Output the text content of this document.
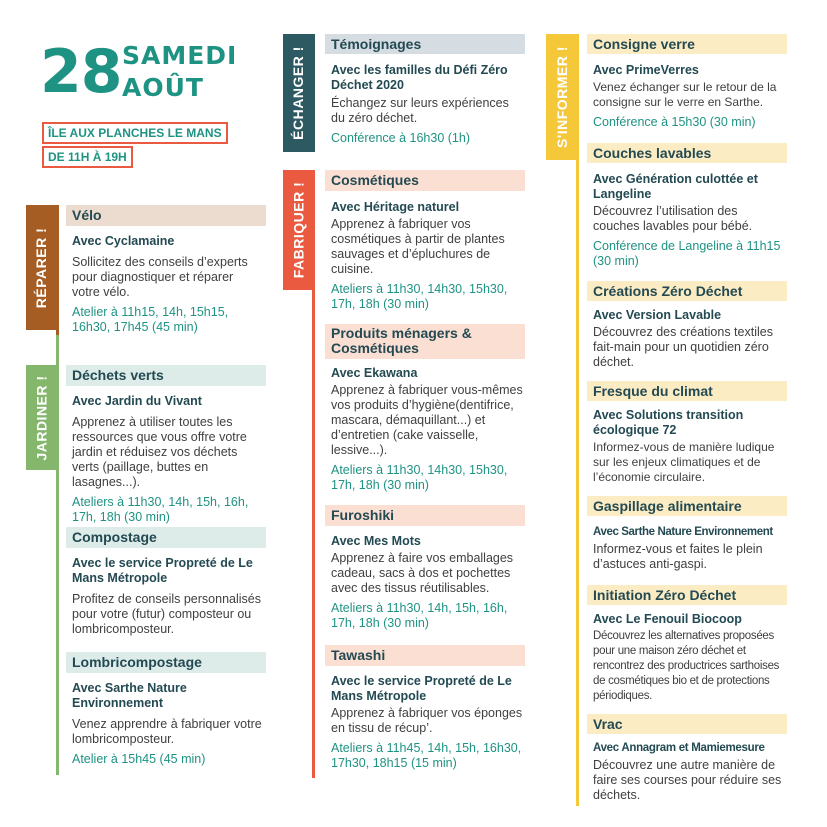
28 SAMEDI
AOÛT
ÎLE AUX PLANCHES LE MANS
DE 11H À 19H
RÉPARER !
JARDINER !
Vélo
Avec Cyclamaine
Sollicitez des conseils d’experts pour diagnostiquer et réparer votre vélo.
Atelier à 11h15, 14h, 15h15, 16h30, 17h45 (45 min)
Déchets verts
Avec Jardin du Vivant
Apprenez à utiliser toutes les ressources que vous offre votre jardin et réduisez vos déchets verts (paillage, buttes en lasagnes...).
Ateliers à 11h30, 14h, 15h, 16h, 17h, 18h (30 min)
Compostage
Avec le service Propreté de Le Mans Métropole
Profitez de conseils personnalisés pour votre (futur) composteur ou lombricomposteur.
Lombricompostage
Avec Sarthe Nature Environnement
Venez apprendre à fabriquer votre lombricomposteur.
Atelier à 15h45 (45 min)
ÉCHANGER !
FABRIQUER !
Témoignages
Avec les familles du Défi Zéro Déchet 2020
Échangez sur leurs expériences du zéro déchet.
Conférence à 16h30 (1h)
Cosmétiques
Avec Héritage naturel
Apprenez à fabriquer vos cosmétiques à partir de plantes sauvages et d’épluchures de cuisine.
Ateliers à 11h30, 14h30, 15h30, 17h, 18h (30 min)
Produits ménagers & Cosmétiques
Avec Ekawana
Apprenez à fabriquer vous-mêmes vos produits d’hygiène(dentifrice, mascara, démaquillant...) et d’entretien (cake vaisselle, lessive...).
Ateliers à 11h30, 14h30, 15h30, 17h, 18h (30 min)
Furoshiki
Avec Mes Mots
Apprenez à faire vos emballages cadeau, sacs à dos et pochettes avec des tissus réutilisables.
Ateliers à 11h30, 14h, 15h, 16h, 17h, 18h (30 min)
Tawashi
Avec le service Propreté de Le Mans Métropole
Apprenez à fabriquer vos éponges en tissu de récup’.
Ateliers à 11h45, 14h, 15h, 16h30, 17h30, 18h15 (15 min)
S'INFORMER !
Consigne verre
Avec PrimeVerres
Venez échanger sur le retour de la consigne sur le verre en Sarthe.
Conférence à 15h30 (30 min)
Couches lavables
Avec Génération culottée et Langeline
Découvrez l’utilisation des couches lavables pour bébé.
Conférence de Langeline à 11h15 (30 min)
Créations Zéro Déchet
Avec Version Lavable
Découvrez des créations textiles fait-main pour un quotidien zéro déchet.
Fresque du climat
Avec Solutions transition écologique 72
Informez-vous de manière ludique sur les enjeux climatiques et de l’économie circulaire.
Gaspillage alimentaire
Avec Sarthe Nature Environnement
Informez-vous et faites le plein d’astuces anti-gaspi.
Initiation Zéro Déchet
Avec Le Fenouil Biocoop
Découvrez les alternatives proposées pour une maison zéro déchet et rencontrez des productrices sarthoises de cosmétiques bio et de protections périodiques.
Vrac
Avec Annagram et Mamiemesure
Découvrez une autre manière de faire ses courses pour réduire ses déchets.
